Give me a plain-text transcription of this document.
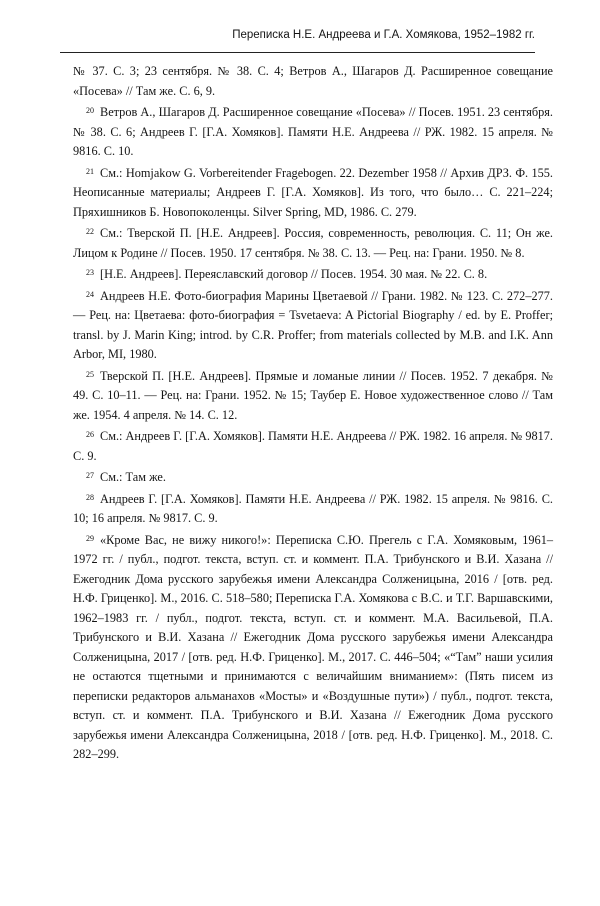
Переписка Н.Е. Андреева и Г.А. Хомякова, 1952–1982 гг.

№ 37. С. 3; 23 сентября. № 38. С. 4; Ветров А., Шагаров Д. Расширенное совещание «Посева» // Там же. С. 6, 9.

$^{20}$ Ветров А., Шагаров Д. Расширенное совещание «Посева» // Посев. 1951. 23 сентября. № 38. С. 6; Андреев Г. [Г.А. Хомяков]. Памяти Н.Е. Андреева // РЖ. 1982. 15 апреля. № 9816. С. 10.

$^{21}$ См.: Homjakow G. Vorbereitender Fragebogen. 22. Dezember 1958 // Архив ДРЗ. Ф. 155. Неописанные материалы; Андреев Г. [Г.А. Хомяков]. Из того, что было… С. 221–224; Пряхишников Б. Новопоколенцы. Silver Spring, MD, 1986. С. 279.

$^{22}$ См.: Тверской П. [Н.Е. Андреев]. Россия, современность, революция. С. 11; Он же. Лицом к Родине // Посев. 1950. 17 сентября. № 38. С. 13. — Рец. на: Грани. 1950. № 8.

$^{23}$ [Н.Е. Андреев]. Переяславский договор // Посев. 1954. 30 мая. № 22. С. 8.

$^{24}$ Андреев Н.Е. Фото-биография Марины Цветаевой // Грани. 1982. № 123. С. 272–277. — Рец. на: Цветаева: фото-биография = Tsvetaeva: A Pictorial Biography / ed. by E. Proffer; transl. by J. Marin King; introd. by C.R. Proffer; from materials collected by M.B. and I.K. Ann Arbor, MI, 1980.

$^{25}$ Тверской П. [Н.Е. Андреев]. Прямые и ломаные линии // Посев. 1952. 7 декабря. № 49. С. 10–11. — Рец. на: Грани. 1952. № 15; Таубер Е. Новое художественное слово // Там же. 1954. 4 апреля. № 14. С. 12.

$^{26}$ См.: Андреев Г. [Г.А. Хомяков]. Памяти Н.Е. Андреева // РЖ. 1982. 16 апреля. № 9817. С. 9.

$^{27}$ См.: Там же.

$^{28}$ Андреев Г. [Г.А. Хомяков]. Памяти Н.Е. Андреева // РЖ. 1982. 15 апреля. № 9816. С. 10; 16 апреля. № 9817. С. 9.

$^{29}$ «Кроме Вас, не вижу никого!»: Переписка С.Ю. Прегель с Г.А. Хомяковым, 1961–1972 гг. / публ., подгот. текста, вступ. ст. и коммент. П.А. Трибунского и В.И. Хазана // Ежегодник Дома русского зарубежья имени Александра Солженицына, 2016 / [отв. ред. Н.Ф. Гриценко]. М., 2016. С. 518–580; Переписка Г.А. Хомякова с В.С. и Т.Г. Варшавскими, 1962–1983 гг. / публ., подгот. текста, вступ. ст. и коммент. М.А. Васильевой, П.А. Трибунского и В.И. Хазана // Ежегодник Дома русского зарубежья имени Александра Солженицына, 2017 / [отв. ред. Н.Ф. Гриценко]. М., 2017. С. 446–504; «“Там” наши усилия не остаются тщетными и принимаются с величайшим вниманием»: (Пять писем из переписки редакторов альманахов «Мосты» и «Воздушные пути») / публ., подгот. текста, вступ. ст. и коммент. П.А. Трибунского и В.И. Хазана // Ежегодник Дома русского зарубежья имени Александра Солженицына, 2018 / [отв. ред. Н.Ф. Гриценко]. М., 2018. С. 282–299.
